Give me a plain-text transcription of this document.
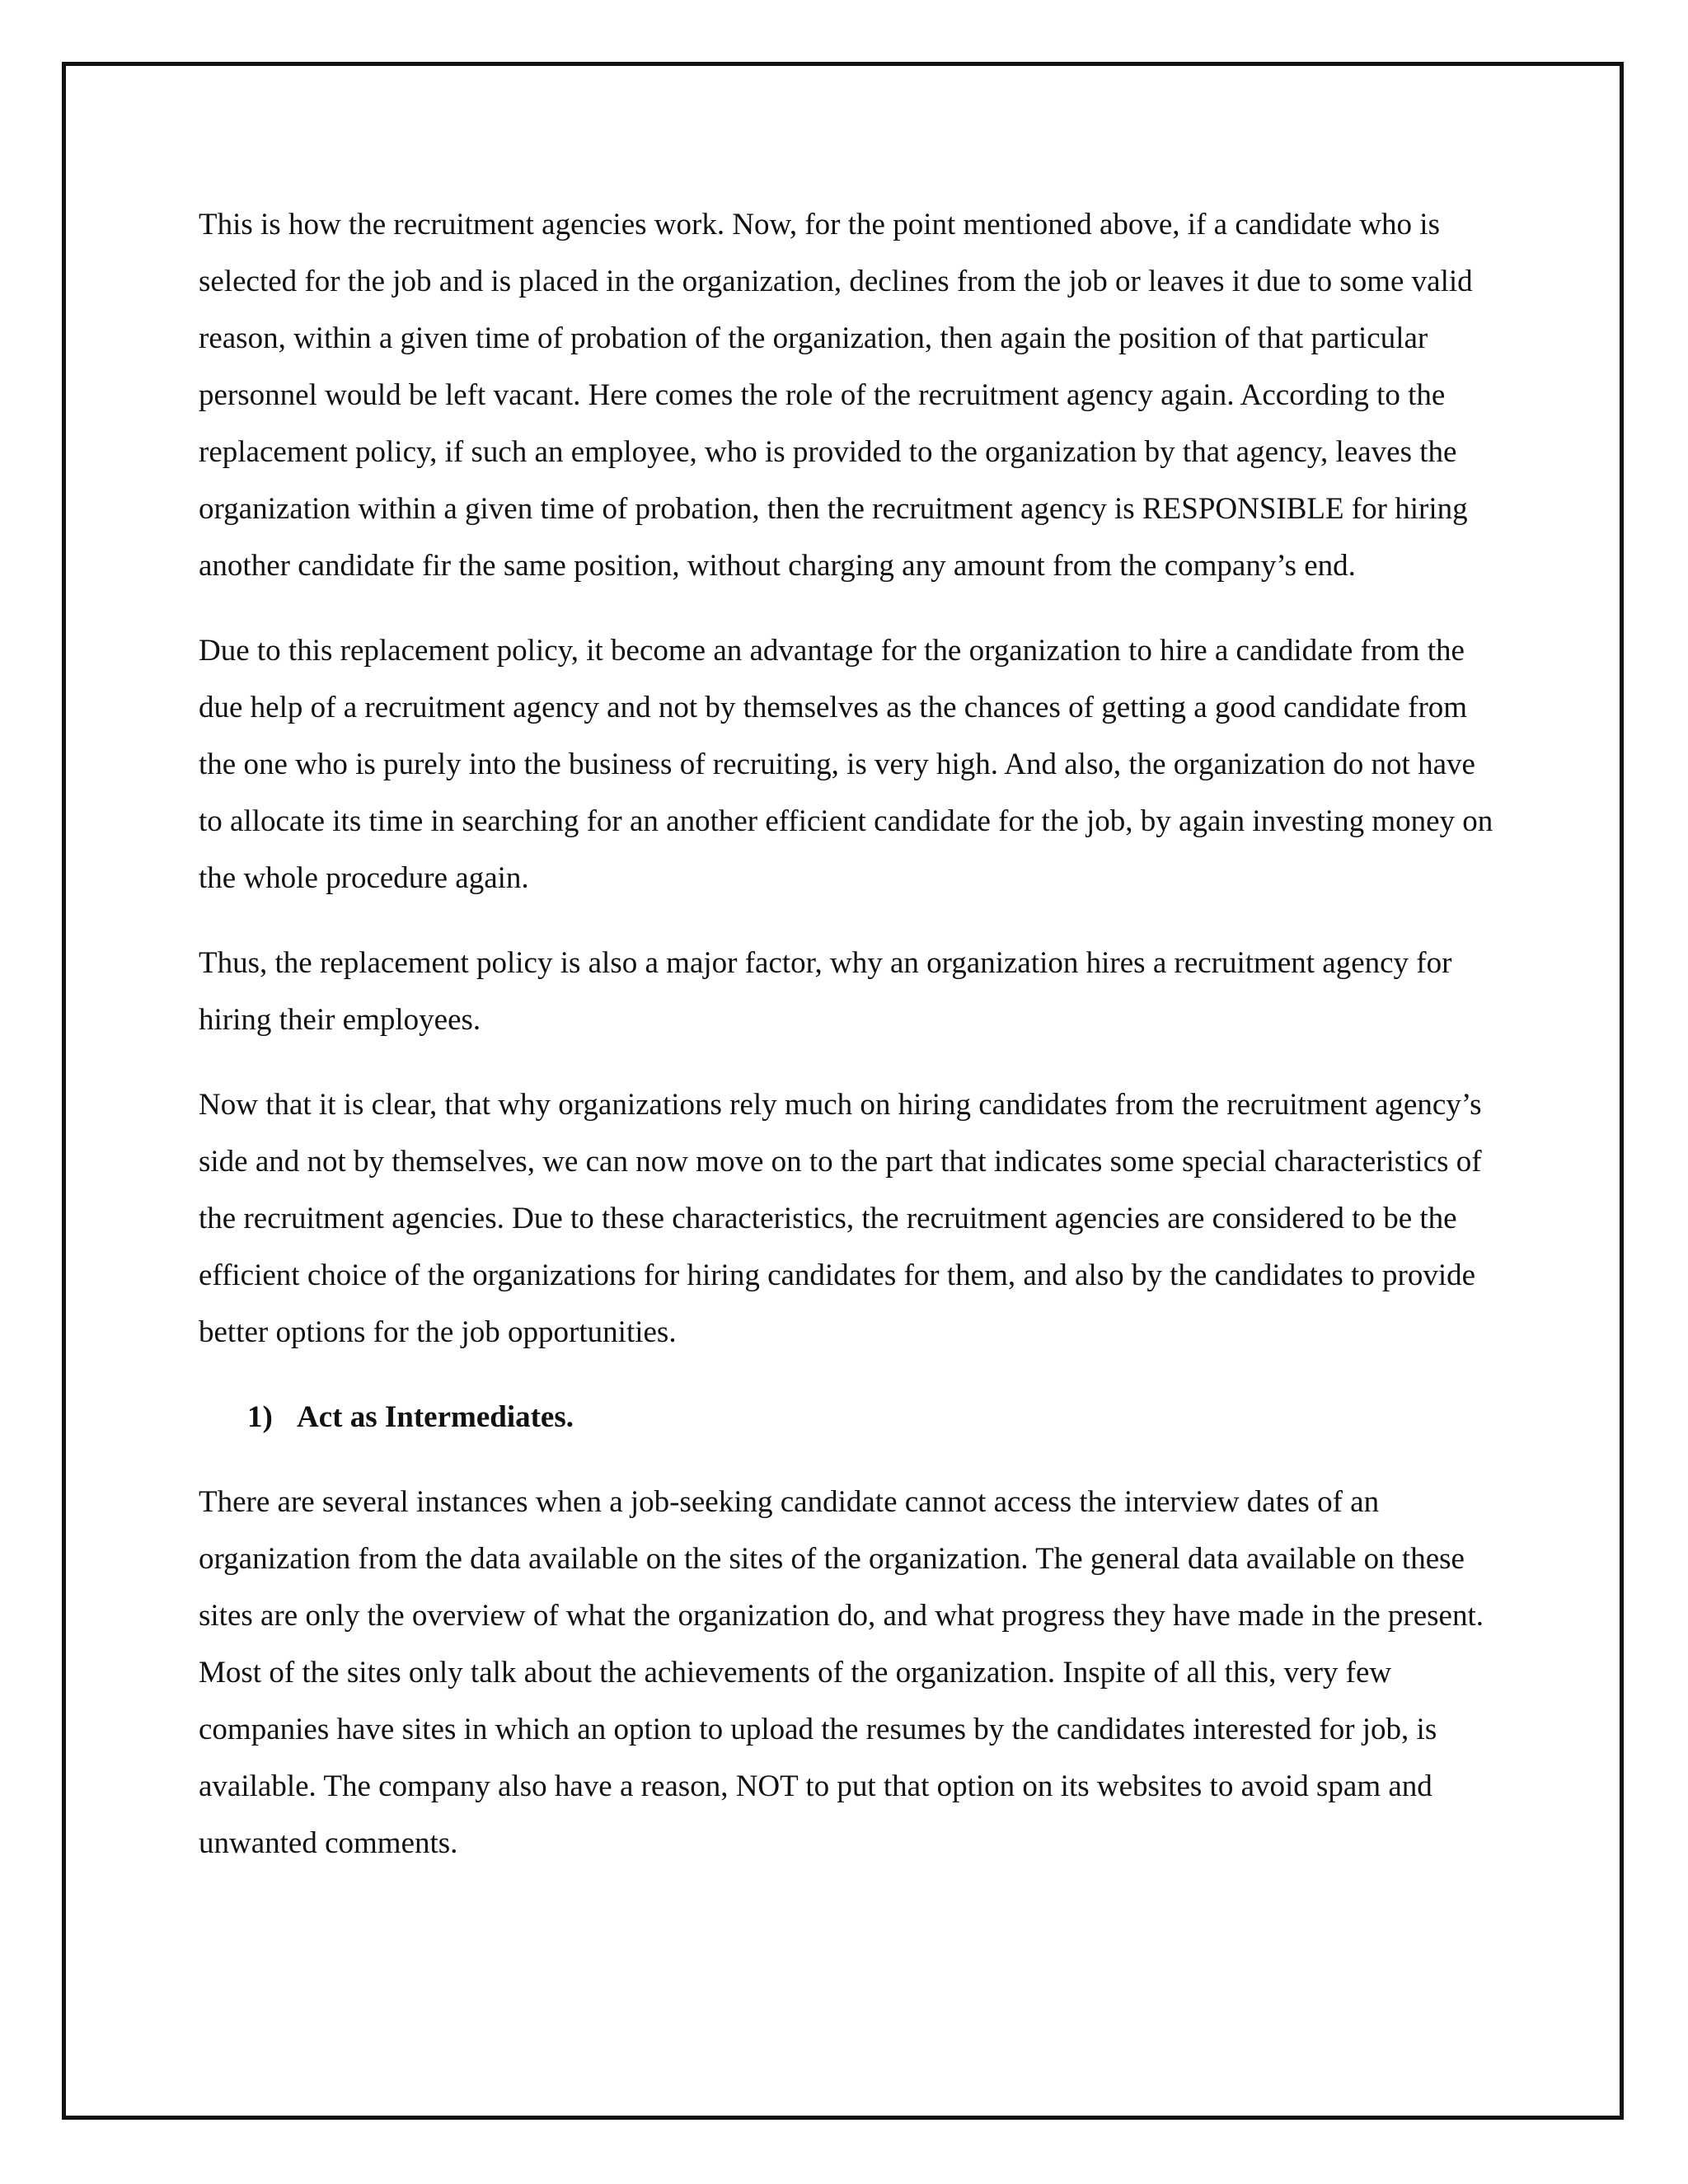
This is how the recruitment agencies work. Now, for the point mentioned above, if a candidate who is selected for the job and is placed in the organization, declines from the job or leaves it due to some valid reason, within a given time of probation of the organization, then again the position of that particular personnel would be left vacant. Here comes the role of the recruitment agency again. According to the replacement policy, if such an employee, who is provided to the organization by that agency, leaves the organization within a given time of probation, then the recruitment agency is RESPONSIBLE for hiring another candidate fir the same position, without charging any amount from the company’s end.

Due to this replacement policy, it become an advantage for the organization to hire a candidate from the due help of a recruitment agency and not by themselves as the chances of getting a good candidate from the one who is purely into the business of recruiting, is very high. And also, the organization do not have to allocate its time in searching for an another efficient candidate for the job, by again investing money on the whole procedure again.

Thus, the replacement policy is also a major factor, why an organization hires a recruitment agency for hiring their employees.

Now that it is clear, that why organizations rely much on hiring candidates from the recruitment agency’s side and not by themselves, we can now move on to the part that indicates some special characteristics of the recruitment agencies. Due to these characteristics, the recruitment agencies are considered to be the efficient choice of the organizations for hiring candidates for them, and also by the candidates to provide better options for the job opportunities.

1) Act as Intermediates.

There are several instances when a job-seeking candidate cannot access the interview dates of an organization from the data available on the sites of the organization. The general data available on these sites are only the overview of what the organization do, and what progress they have made in the present. Most of the sites only talk about the achievements of the organization. Inspite of all this, very few companies have sites in which an option to upload the resumes by the candidates interested for job, is available. The company also have a reason, NOT to put that option on its websites to avoid spam and unwanted comments.
